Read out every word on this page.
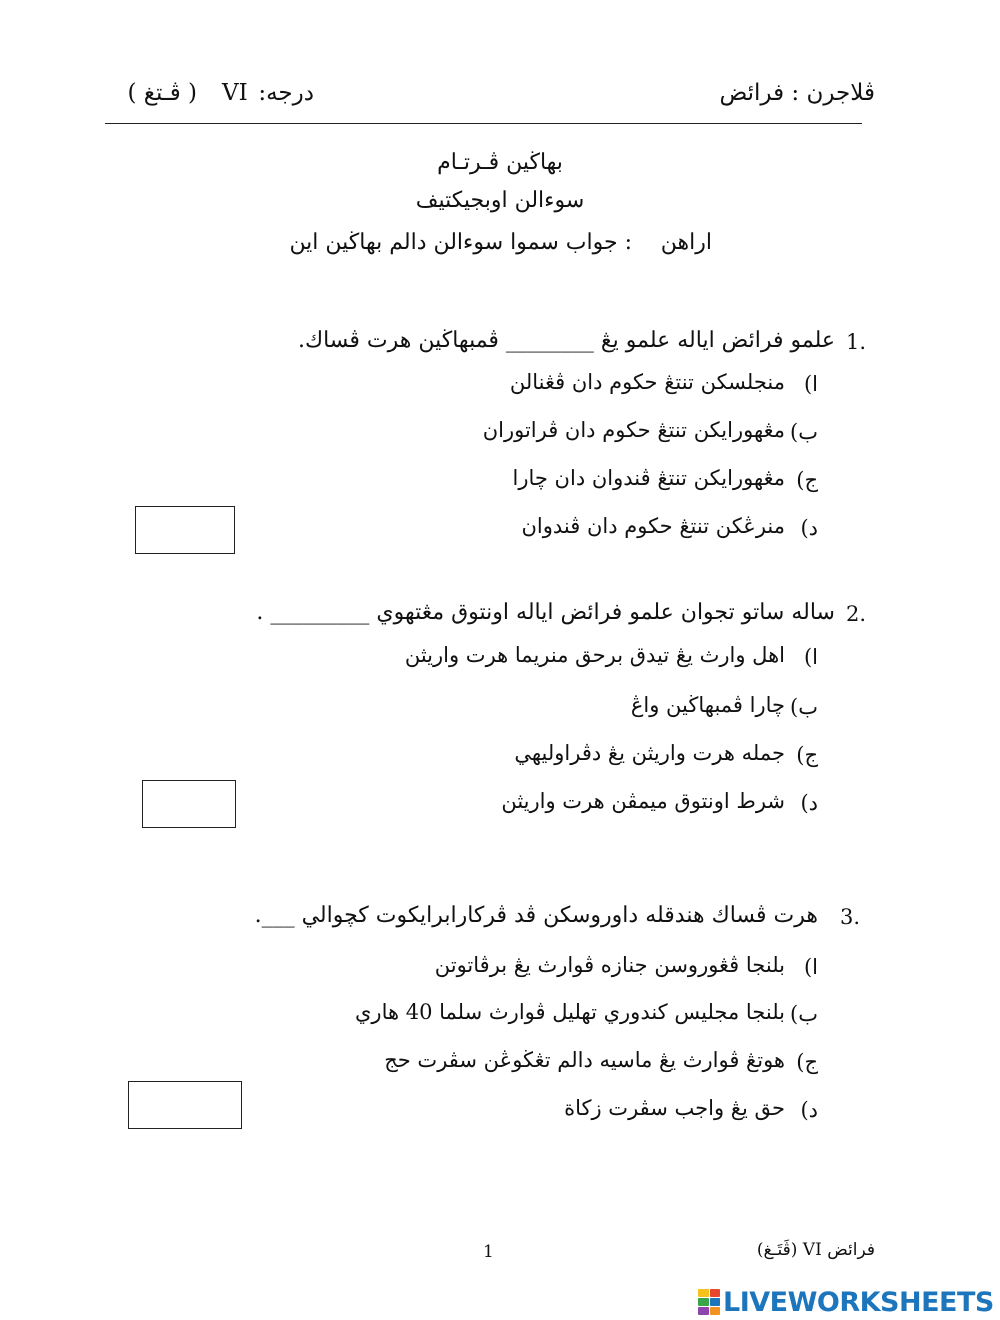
ڤلاجرن : فرائض
درجه:
VI
( ڤـتغ )
بهاڬين ڤـرتـام
سوءالن اوبجيكتيف
اراهن
: جواب سموا سوءالن دالم بهاڬين اين
1.
علمو فرائض اياله علمو يڠ ________ ڤمبهاڬين هرت ڤساك.
ا)
منجلسكن تنتڠ حكوم دان ڤڠنالن
ب)
مڠهورايكن تنتڠ حكوم دان ڤراتوران
ج)
مڠهورايكن تنتڠ ڤندوان دان چارا
د)
منرڠكن تنتڠ حكوم دان ڤندوان
2.
ساله ساتو تجوان علمو فرائض اياله اونتوق مڠتهوي _________ .
ا)
اهل وارث يڠ تيدق برحق منريما هرت واريثن
ب)
چارا ڤمبهاڬين واڠ
ج)
جمله هرت واريثن يڠ دڤراوليهي
د)
شرط اونتوق ميمڤن هرت واريثن
3.
هرت ڤساك هندقله داوروسكن ڤد ڤركارابرايكوت كچوالي ___.
ا)
بلنجا ڤڠوروسن جنازه ڤوارث يڠ برڤاتوتن
ب)
بلنجا مجليس كندوري تهليل ڤوارث سلما 40 هاري
ج)
هوتڠ ڤوارث يڠ ماسيه دالم تڠڬوڠن سڤرت حج
د)
حق يڠ واجب سڤرت زكاة
فرائض VI (ڤَتَـغ)
1
LIVEWORKSHEETS
